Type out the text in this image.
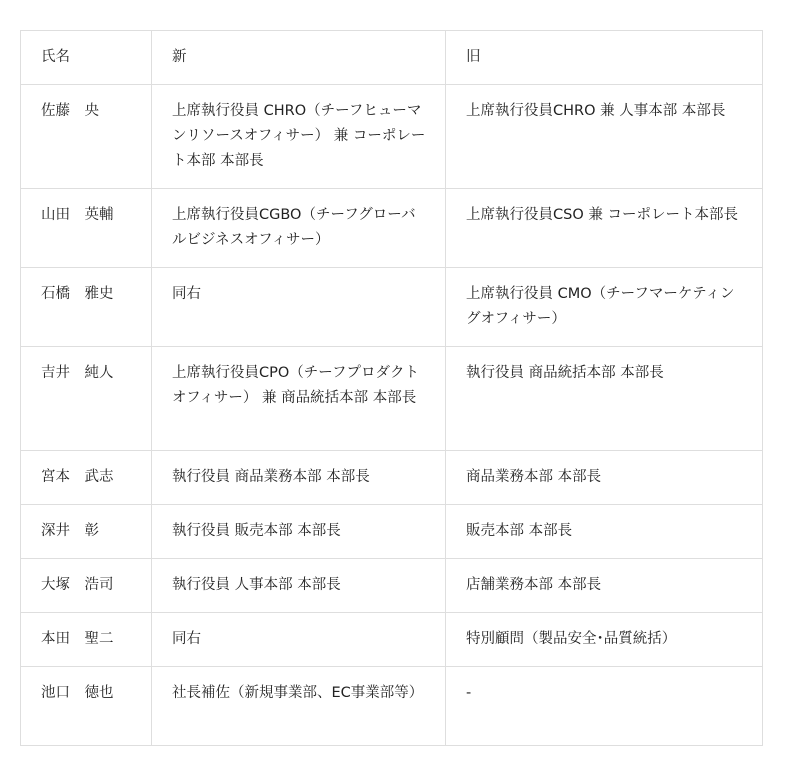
氏名	新	旧
佐藤　央	上席執行役員 CHRO（チーフヒューマンリソースオフィサー） 兼 コーポレート本部 本部長	上席執行役員CHRO 兼 人事本部 本部長
山田　英輔	上席執行役員CGBO（チーフグローバルビジネスオフィサー）	上席執行役員CSO 兼 コーポレート本部長
石橋　雅史	同右	上席執行役員 CMO（チーフマーケティングオフィサー）
吉井　純人	上席執行役員CPO（チーフプロダクトオフィサー） 兼 商品統括本部 本部長	執行役員 商品統括本部 本部長
宮本　武志	執行役員 商品業務本部 本部長	商品業務本部 本部長
深井　彰	執行役員 販売本部 本部長	販売本部 本部長
大塚　浩司	執行役員 人事本部 本部長	店舗業務本部 本部長
本田　聖二	同右	特別顧問（製品安全･品質統括）
池口　徳也	社長補佐（新規事業部、EC事業部等）	-
